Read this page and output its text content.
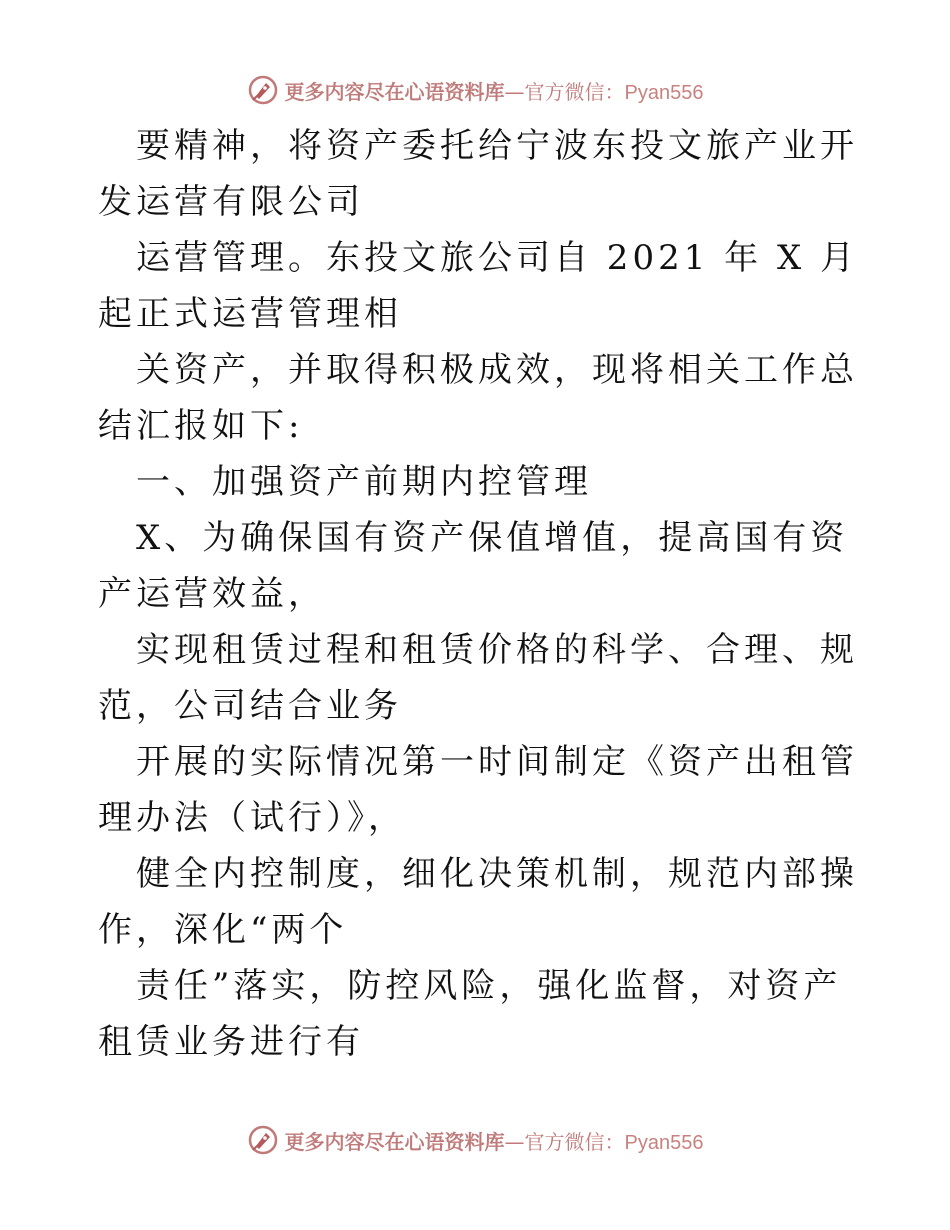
更多内容尽在心语资料库—官方微信：Pyan556

要精神，将资产委托给宁波东投文旅产业开发运营有限公司

运营管理。东投文旅公司自 2021 年 X 月起正式运营管理相

关资产，并取得积极成效，现将相关工作总结汇报如下:

一、加强资产前期内控管理

X、为确保国有资产保值增值，提高国有资产运营效益，

实现租赁过程和租赁价格的科学、合理、规范，公司结合业务

开展的实际情况第一时间制定《资产出租管理办法（试行）》，

健全内控制度，细化决策机制，规范内部操作，深化“两个

责任”落实，防控风险，强化监督，对资产租赁业务进行有

更多内容尽在心语资料库—官方微信：Pyan556
